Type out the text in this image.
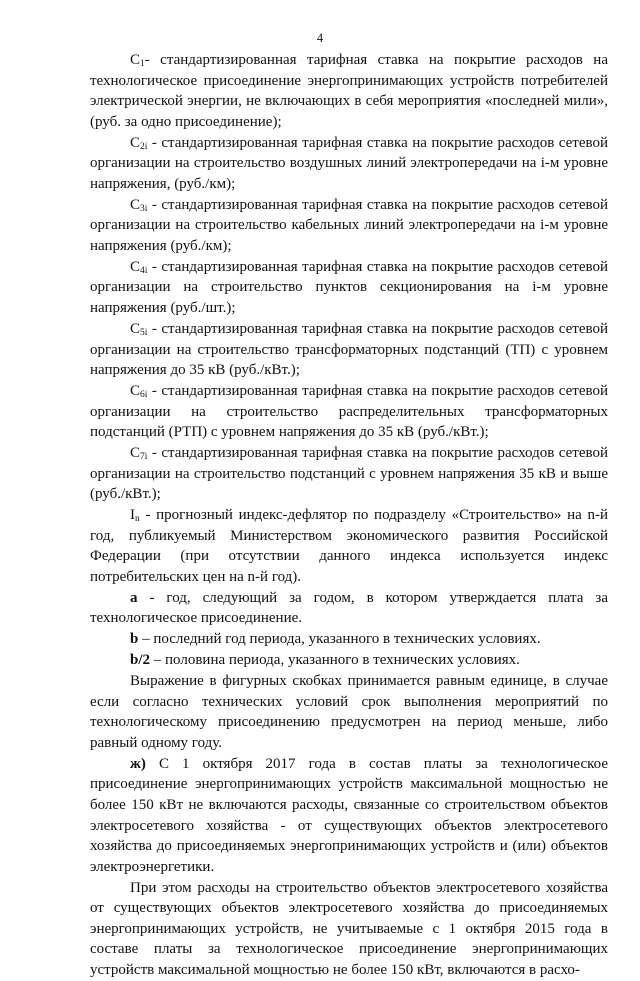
4

$C_1-$ стандартизированная тарифная ставка на покрытие расходов на технологическое присоединение энергопринимающих устройств потребителей электрической энергии, не включающих в себя мероприятия «последней мили», (руб. за одно присоединение);

$C_{2i}$ - стандартизированная тарифная ставка на покрытие расходов сетевой организации на строительство воздушных линий электропередачи на i-м уровне напряжения, (руб./км);

$C_{3i}$ - стандартизированная тарифная ставка на покрытие расходов сетевой организации на строительство кабельных линий электропередачи на i-м уровне напряжения (руб./км);

$C_{4i}$ - стандартизированная тарифная ставка на покрытие расходов сетевой организации на строительство пунктов секционирования на i-м уровне напряжения (руб./шт.);

$C_{5i}$ - стандартизированная тарифная ставка на покрытие расходов сетевой организации на строительство трансформаторных подстанций (ТП) с уровнем напряжения до 35 кВ (руб./кВт.);

$C_{6i}$ - стандартизированная тарифная ставка на покрытие расходов сетевой организации на строительство распределительных трансформаторных подстанций (РТП) с уровнем напряжения до 35 кВ (руб./кВт.);

$C_{7i}$ - стандартизированная тарифная ставка на покрытие расходов сетевой организации на строительство подстанций с уровнем напряжения 35 кВ и выше (руб./кВт.);

$I_n$ - прогнозный индекс-дефлятор по подразделу «Строительство» на n-й год, публикуемый Министерством экономического развития Российской Федерации (при отсутствии данного индекса используется индекс потребительских цен на n-й год).

a - год, следующий за годом, в котором утверждается плата за технологическое присоединение.

b – последний год периода, указанного в технических условиях.

b/2 – половина периода, указанного в технических условиях.

Выражение в фигурных скобках принимается равным единице, в случае если согласно технических условий срок выполнения мероприятий по технологическому присоединению предусмотрен на период меньше, либо равный одному году.

ж) С 1 октября 2017 года в состав платы за технологическое присоединение энергопринимающих устройств максимальной мощностью не более 150 кВт не включаются расходы, связанные со строительством объектов электросетевого хозяйства - от существующих объектов электросетевого хозяйства до присоединяемых энергопринимающих устройств и (или) объектов электроэнергетики.

При этом расходы на строительство объектов электросетевого хозяйства от существующих объектов электросетевого хозяйства до присоединяемых энергопринимающих устройств, не учитываемые с 1 октября 2015 года в составе платы за технологическое присоединение энергопринимающих устройств максимальной мощностью не более 150 кВт, включаются в расхо-
